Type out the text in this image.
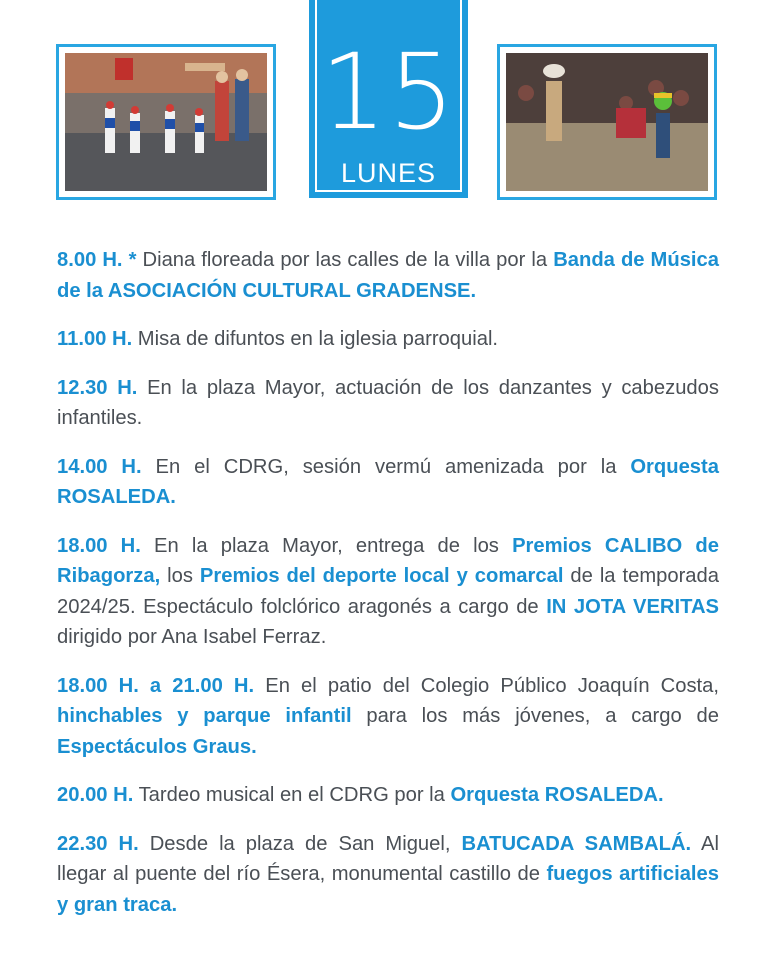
15
LUNES

8.00 H. * Diana floreada por las calles de la villa por la Banda de Música de la ASOCIACIÓN CULTURAL GRADENSE.

11.00 H. Misa de difuntos en la iglesia parroquial.

12.30 H. En la plaza Mayor, actuación de los danzantes y cabezudos infantiles.

14.00 H. En el CDRG, sesión vermú amenizada por la Orquesta ROSALEDA.

18.00 H. En la plaza Mayor, entrega de los Premios CALIBO de Ribagorza, los Premios del deporte local y comarcal de la temporada 2024/25. Espectáculo folclórico aragonés a cargo de IN JOTA VERITAS dirigido por Ana Isabel Ferraz.

18.00 H. a 21.00 H. En el patio del Colegio Público Joaquín Costa, hinchables y parque infantil para los más jóvenes, a cargo de Espectáculos Graus.

20.00 H. Tardeo musical en el CDRG por la Orquesta ROSALEDA.

22.30 H. Desde la plaza de San Miguel, BATUCADA SAMBALÁ. Al llegar al puente del río Ésera, monumental castillo de fuegos artificiales y gran traca.
